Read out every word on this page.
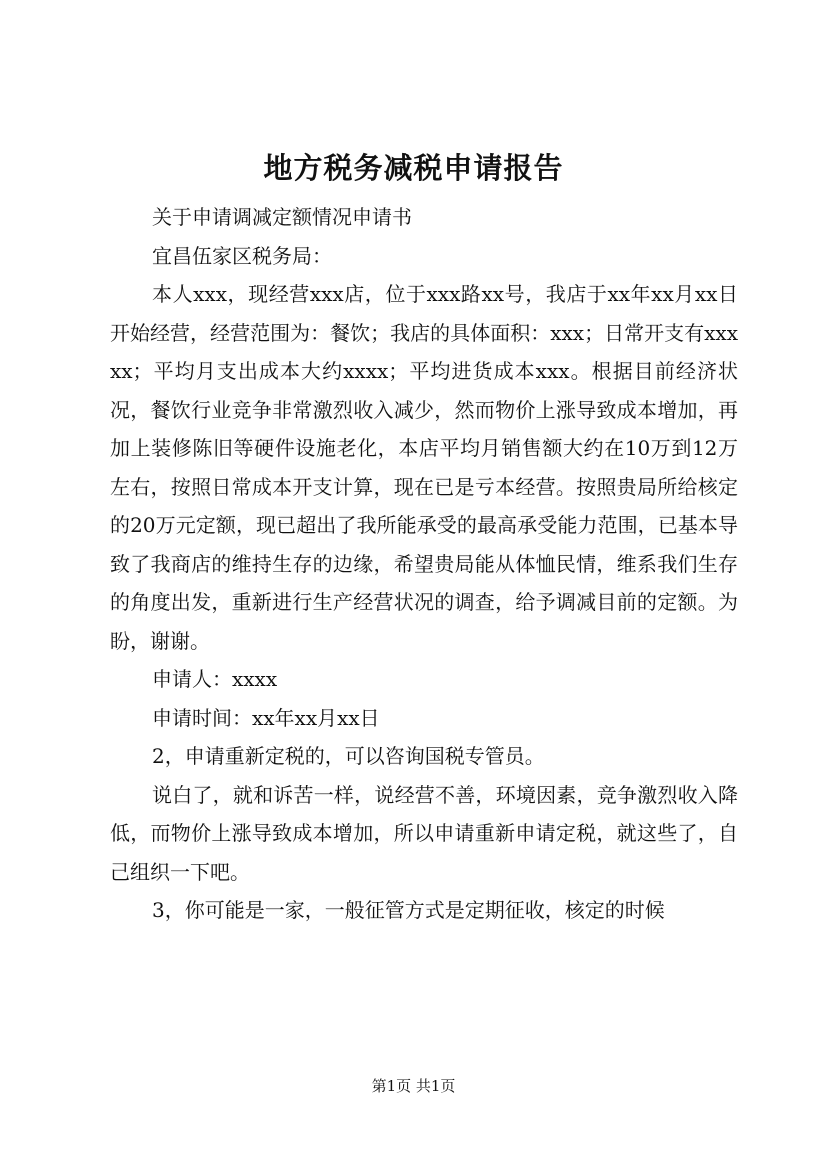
地方税务减税申请报告

关于申请调减定额情况申请书

宜昌伍家区税务局：

本人xxx，现经营xxx店，位于xxx路xx号，我店于xx年xx月xx日开始经营，经营范围为：餐饮；我店的具体面积：xxx；日常开支有xxxxx；平均月支出成本大约xxxx；平均进货成本xxx。根据目前经济状况，餐饮行业竞争非常激烈收入减少，然而物价上涨导致成本增加，再加上装修陈旧等硬件设施老化，本店平均月销售额大约在10万到12万左右，按照日常成本开支计算，现在已是亏本经营。按照贵局所给核定的20万元定额，现已超出了我所能承受的最高承受能力范围，已基本导致了我商店的维持生存的边缘，希望贵局能从体恤民情，维系我们生存的角度出发，重新进行生产经营状况的调查，给予调减目前的定额。为盼，谢谢。

申请人：xxxx

申请时间：xx年xx月xx日

2，申请重新定税的，可以咨询国税专管员。

说白了，就和诉苦一样，说经营不善，环境因素，竞争激烈收入降低，而物价上涨导致成本增加，所以申请重新申请定税，就这些了，自己组织一下吧。

3，你可能是一家，一般征管方式是定期征收，核定的时候

第1页 共1页
